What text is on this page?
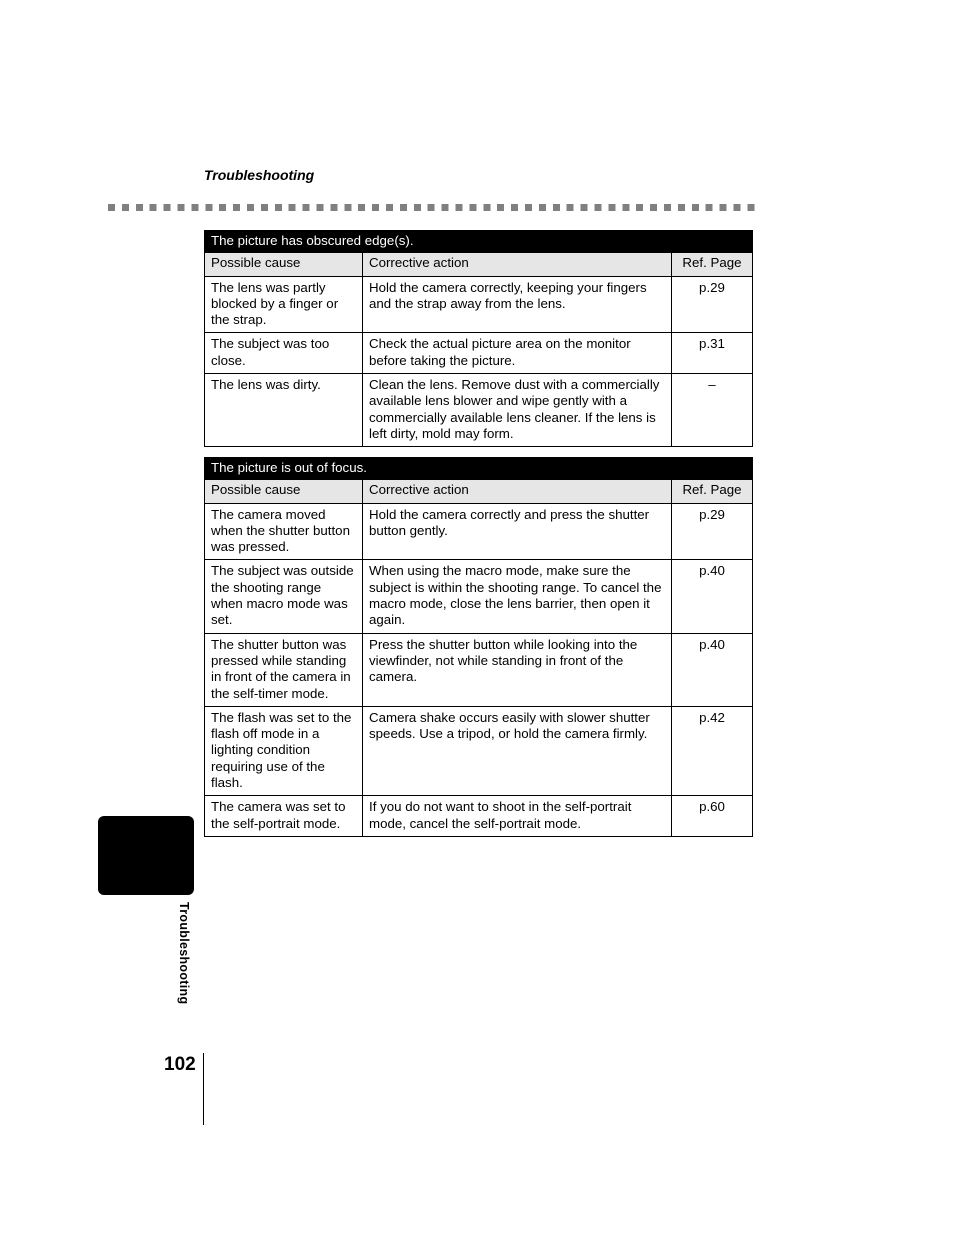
Troubleshooting
The picture has obscured edge(s).		
Possible cause	Corrective action	Ref. Page
The lens was partly blocked by a finger or the strap.	Hold the camera correctly, keeping your fingers and the strap away from the lens.	p.29
The subject was too close.	Check the actual picture area on the monitor before taking the picture.	p.31
The lens was dirty.	Clean the lens. Remove dust with a commercially available lens blower and wipe gently with a commercially available lens cleaner. If the lens is left dirty, mold may form.	–
The picture is out of focus.		
Possible cause	Corrective action	Ref. Page
The camera moved when the shutter button was pressed.	Hold the camera correctly and press the shutter button gently.	p.29
The subject was outside the shooting range when macro mode was set.	When using the macro mode, make sure the subject is within the shooting range. To cancel the macro mode, close the lens barrier, then open it again.	p.40
The shutter button was pressed while standing in front of the camera in the self-timer mode.	Press the shutter button while looking into the viewfinder, not while standing in front of the camera.	p.40
The flash was set to the flash off mode in a lighting condition requiring use of the flash.	Camera shake occurs easily with slower shutter speeds. Use a tripod, or hold the camera firmly.	p.42
The camera was set to the self-portrait mode.	If you do not want to shoot in the self-portrait mode, cancel the self-portrait mode.	p.60
Troubleshooting
102
